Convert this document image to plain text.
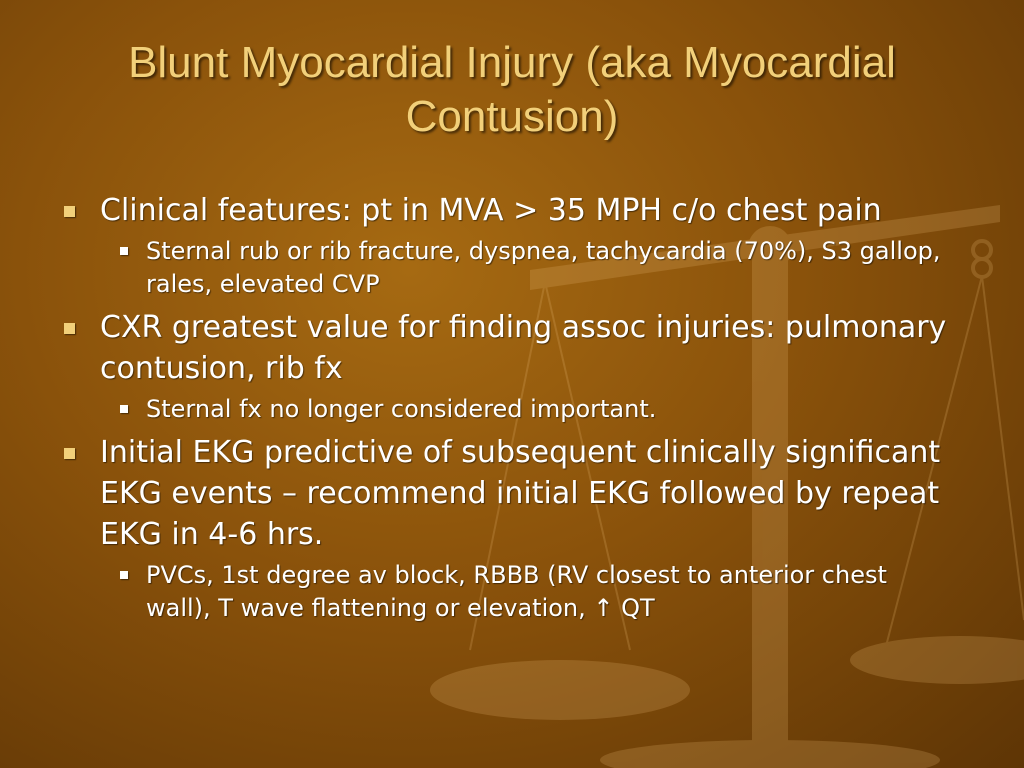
Blunt Myocardial Injury (aka Myocardial Contusion)
Clinical features: pt in MVA > 35 MPH c/o chest pain
Sternal rub or rib fracture, dyspnea, tachycardia (70%), S3 gallop, rales, elevated CVP
CXR greatest value for finding assoc injuries: pulmonary contusion, rib fx
Sternal fx no longer considered important.
Initial EKG predictive of subsequent clinically significant EKG events – recommend initial EKG followed by repeat EKG in 4-6 hrs.
PVCs, 1st degree av block, RBBB (RV closest to anterior chest wall), T wave flattening or elevation, ↑ QT
